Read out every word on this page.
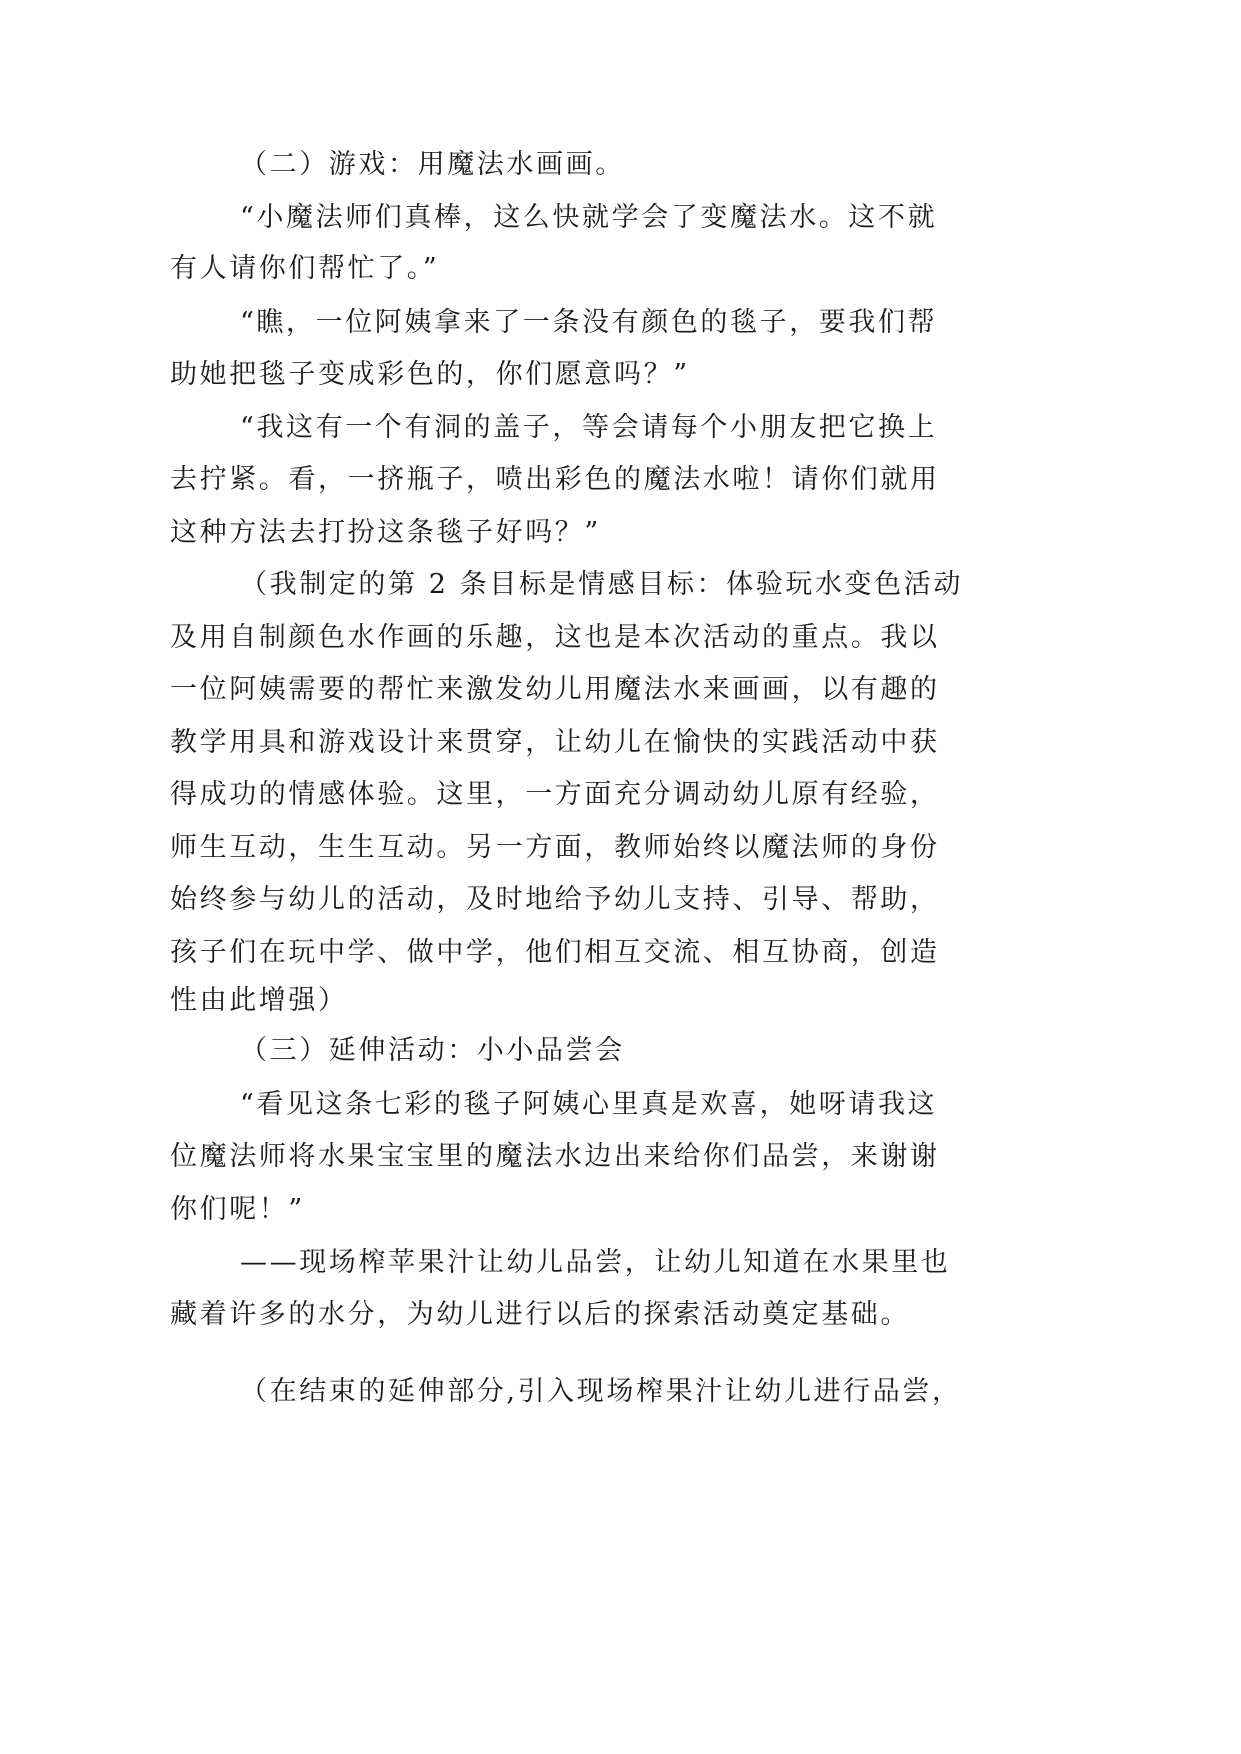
（二）游戏：用魔法水画画。
“小魔法师们真棒，这么快就学会了变魔法水。这不就
有人请你们帮忙了。”
“瞧，一位阿姨拿来了一条没有颜色的毯子，要我们帮
助她把毯子变成彩色的，你们愿意吗？”
“我这有一个有洞的盖子，等会请每个小朋友把它换上
去拧紧。看，一挤瓶子，喷出彩色的魔法水啦！请你们就用
这种方法去打扮这条毯子好吗？”
（我制定的第 2 条目标是情感目标：体验玩水变色活动
及用自制颜色水作画的乐趣，这也是本次活动的重点。我以
一位阿姨需要的帮忙来激发幼儿用魔法水来画画，以有趣的
教学用具和游戏设计来贯穿，让幼儿在愉快的实践活动中获
得成功的情感体验。这里，一方面充分调动幼儿原有经验，
师生互动，生生互动。另一方面，教师始终以魔法师的身份
始终参与幼儿的活动，及时地给予幼儿支持、引导、帮助，
孩子们在玩中学、做中学，他们相互交流、相互协商，创造
性由此增强）
（三）延伸活动：小小品尝会
“看见这条七彩的毯子阿姨心里真是欢喜，她呀请我这
位魔法师将水果宝宝里的魔法水边出来给你们品尝，来谢谢
你们呢！”
——现场榨苹果汁让幼儿品尝，让幼儿知道在水果里也
藏着许多的水分，为幼儿进行以后的探索活动奠定基础。
（在结束的延伸部分,引入现场榨果汁让幼儿进行品尝，
